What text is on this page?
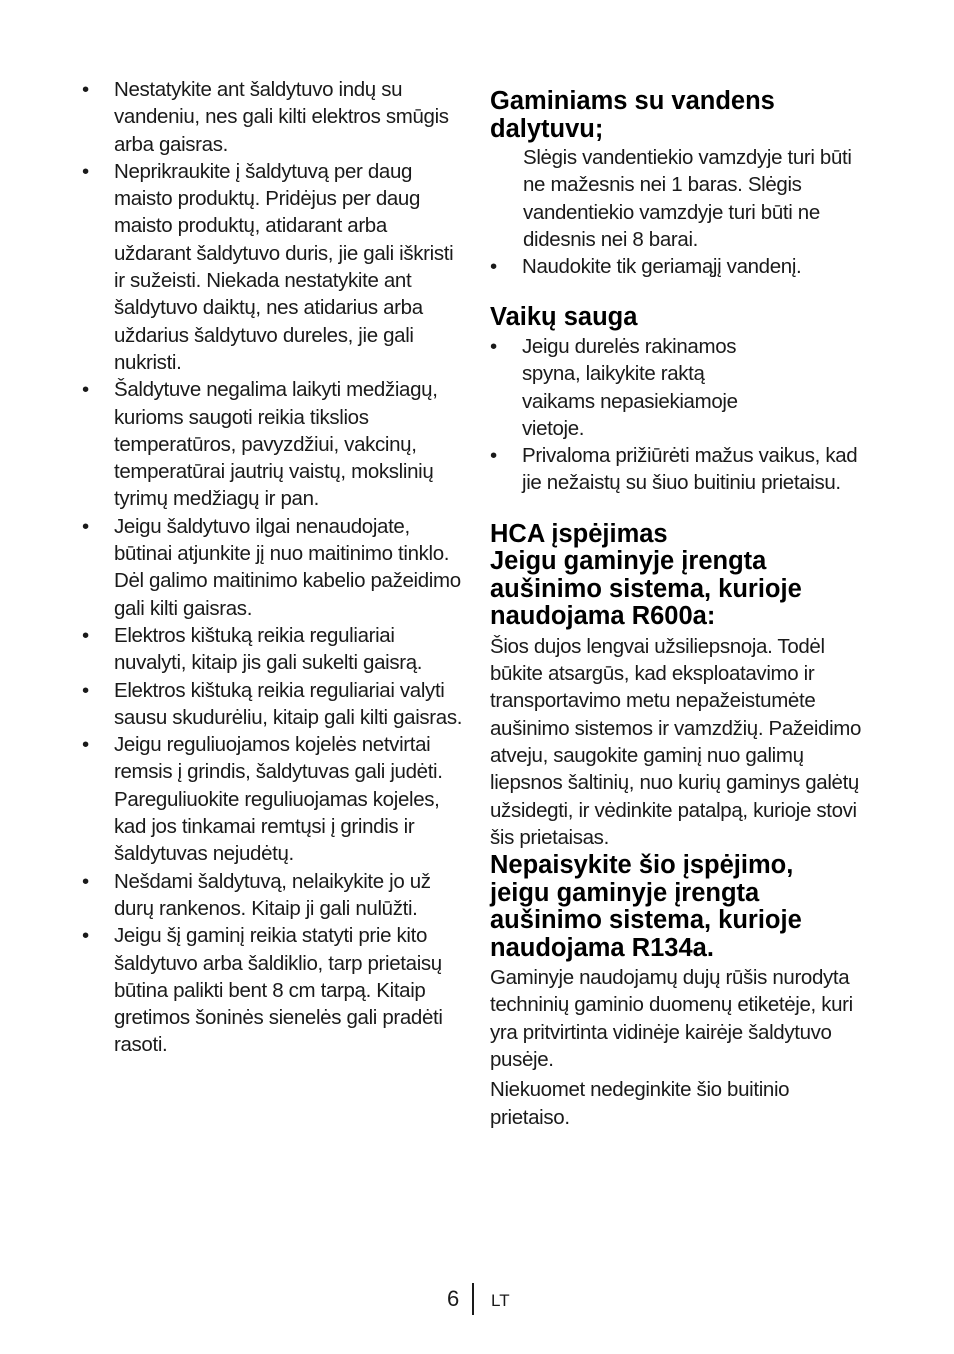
• Nestatykite ant šaldytuvo indų su vandeniu, nes gali kilti elektros smūgis arba gaisras.
• Neprikraukite į šaldytuvą per daug maisto produktų. Pridėjus per daug maisto produktų, atidarant arba uždarant šaldytuvo duris, jie gali iškristi ir sužeisti. Niekada nestatykite ant šaldytuvo daiktų, nes atidarius arba uždarius šaldytuvo dureles, jie gali nukristi.
• Šaldytuve negalima laikyti medžiagų, kurioms saugoti reikia tikslios temperatūros, pavyzdžiui, vakcinų, temperatūrai jautrių vaistų, mokslinių tyrimų medžiagų ir pan.
• Jeigu šaldytuvo ilgai nenaudojate, būtinai atjunkite jį nuo maitinimo tinklo. Dėl galimo maitinimo kabelio pažeidimo gali kilti gaisras.
• Elektros kištuką reikia reguliariai nuvalyti, kitaip jis gali sukelti gaisrą.
• Elektros kištuką reikia reguliariai valyti sausu skudurėliu, kitaip gali kilti gaisras.
• Jeigu reguliuojamos kojelės netvirtai remsis į grindis, šaldytuvas gali judėti. Pareguliuokite reguliuojamas kojeles, kad jos tinkamai remtųsi į grindis ir šaldytuvas nejudėtų.
• Nešdami šaldytuvą, nelaikykite jo už durų rankenos. Kitaip ji gali nulūžti.
• Jeigu šį gaminį reikia statyti prie kito šaldytuvo arba šaldiklio, tarp prietaisų būtina palikti bent 8 cm tarpą. Kitaip gretimos šoninės sienelės gali pradėti rasoti.
Gaminiams su vandens dalytuvu;

Slėgis vandentiekio vamzdyje turi būti ne mažesnis nei 1 baras. Slėgis vandentiekio vamzdyje turi būti ne didesnis nei 8 barai.

• Naudokite tik geriamąjį vandenį.
Vaikų sauga
• Jeigu durelės rakinamos spyna, laikykite raktą vaikams nepasiekiamoje vietoje.
• Privaloma prižiūrėti mažus vaikus, kad jie nežaistų su šiuo buitiniu prietaisu.
HCA įspėjimas
Jeigu gaminyje įrengta aušinimo sistema, kurioje naudojama R600a:

Šios dujos lengvai užsiliepsnoja. Todėl būkite atsargūs, kad eksploatavimo ir transportavimo metu nepažeistumėte aušinimo sistemos ir vamzdžių. Pažeidimo atveju, saugokite gaminį nuo galimų liepsnos šaltinių, nuo kurių gaminys galėtų užsidegti, ir vėdinkite patalpą, kurioje stovi šis prietaisas.

Nepaisykite šio įspėjimo, jeigu gaminyje įrengta aušinimo sistema, kurioje naudojama R134a.

Gaminyje naudojamų dujų rūšis nurodyta techninių gaminio duomenų etiketėje, kuri yra pritvirtinta vidinėje kairėje šaldytuvo pusėje.

Niekuomet nedeginkite šio buitinio prietaiso.

6 LT
